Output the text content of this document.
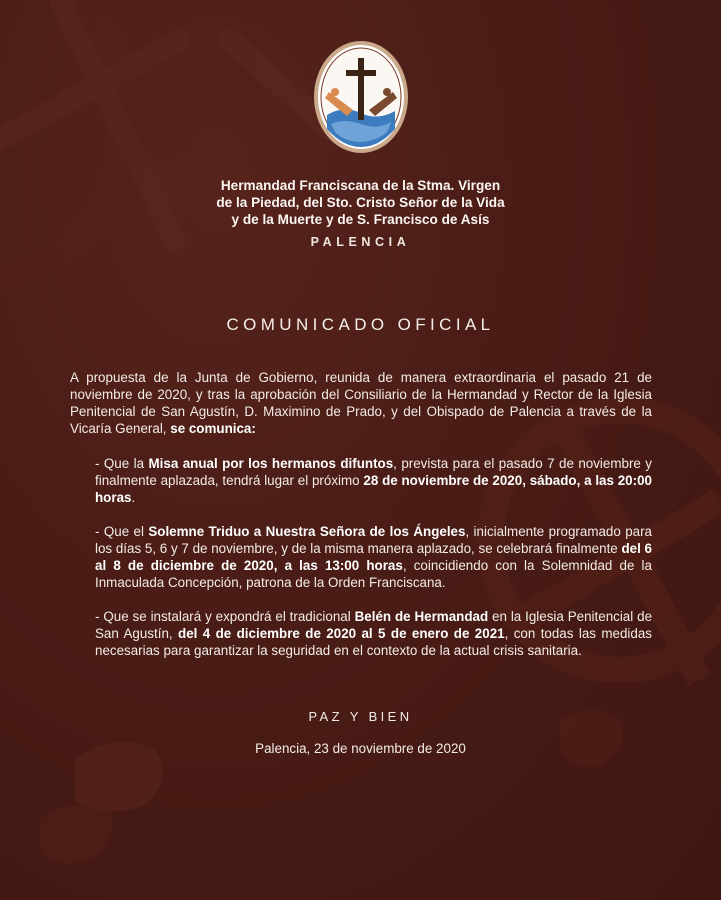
Hermandad Franciscana de la Stma. Virgen
de la Piedad, del Sto. Cristo Señor de la Vida
y de la Muerte y de S. Francisco de Asís
PALENCIA
COMUNICADO OFICIAL
A propuesta de la Junta de Gobierno, reunida de manera extraordinaria el pasado 21 de noviembre de 2020, y tras la aprobación del Consiliario de la Hermandad y Rector de la Iglesia Penitencial de San Agustín, D. Maximino de Prado, y del Obispado de Palencia a través de la Vicaría General, se comunica:
- Que la Misa anual por los hermanos difuntos, prevista para el pasado 7 de noviembre y finalmente aplazada, tendrá lugar el próximo 28 de noviembre de 2020, sábado, a las 20:00 horas.
- Que el Solemne Triduo a Nuestra Señora de los Ángeles, inicialmente programado para los días 5, 6 y 7 de noviembre, y de la misma manera aplazado, se celebrará finalmente del 6 al 8 de diciembre de 2020, a las 13:00 horas, coincidiendo con la Solemnidad de la Inmaculada Concepción, patrona de la Orden Franciscana.
- Que se instalará y expondrá el tradicional Belén de Hermandad en la Iglesia Penitencial de San Agustín, del 4 de diciembre de 2020 al 5 de enero de 2021, con todas las medidas necesarias para garantizar la seguridad en el contexto de la actual crisis sanitaria.
PAZ Y BIEN
Palencia, 23 de noviembre de 2020
